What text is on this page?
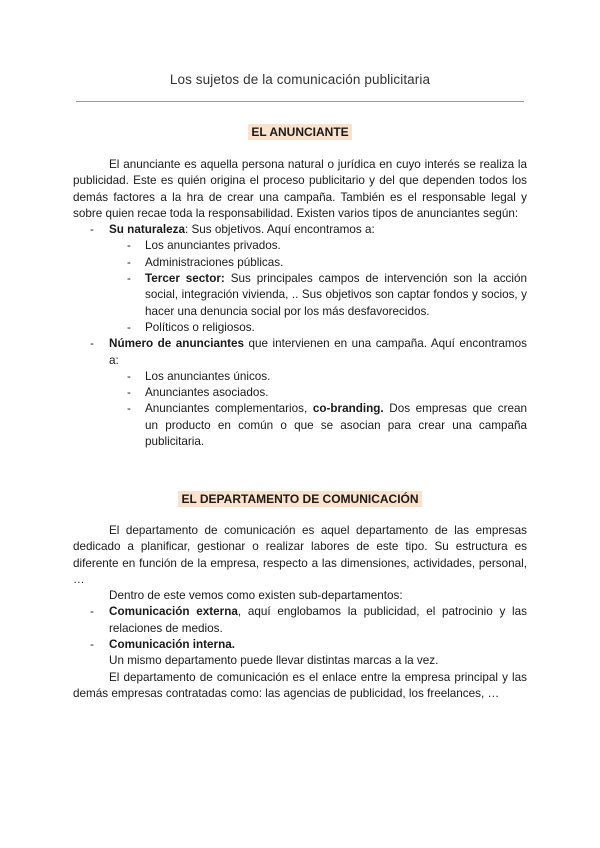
Los sujetos de la comunicación publicitaria
EL ANUNCIANTE

El anunciante es aquella persona natural o jurídica en cuyo interés se realiza la publicidad. Este es quién origina el proceso publicitario y del que dependen todos los demás factores a la hra de crear una campaña. También es el responsable legal y sobre quien recae toda la responsabilidad. Existen varios tipos de anunciantes según:

- Su naturaleza: Sus objetivos. Aquí encontramos a:
- Los anunciantes privados.
- Administraciones públicas.
- Tercer sector: Sus principales campos de intervención son la acción social, integración vivienda, .. Sus objetivos son captar fondos y socios, y hacer una denuncia social por los más desfavorecidos.
- Políticos o religiosos.
- Número de anunciantes que intervienen en una campaña. Aquí encontramos a:
- Los anunciantes únicos.
- Anunciantes asociados.
- Anunciantes complementarios, co-branding. Dos empresas que crean un producto en común o que se asocian para crear una campaña publicitaria.
EL DEPARTAMENTO DE COMUNICACIÓN

El departamento de comunicación es aquel departamento de las empresas dedicado a planificar, gestionar o realizar labores de este tipo. Su estructura es diferente en función de la empresa, respecto a las dimensiones, actividades, personal, …

Dentro de este vemos como existen sub-departamentos:

- Comunicación externa, aquí englobamos la publicidad, el patrocinio y las relaciones de medios.
- Comunicación interna.

Un mismo departamento puede llevar distintas marcas a la vez.

El departamento de comunicación es el enlace entre la empresa principal y las demás empresas contratadas como: las agencias de publicidad, los freelances, …
